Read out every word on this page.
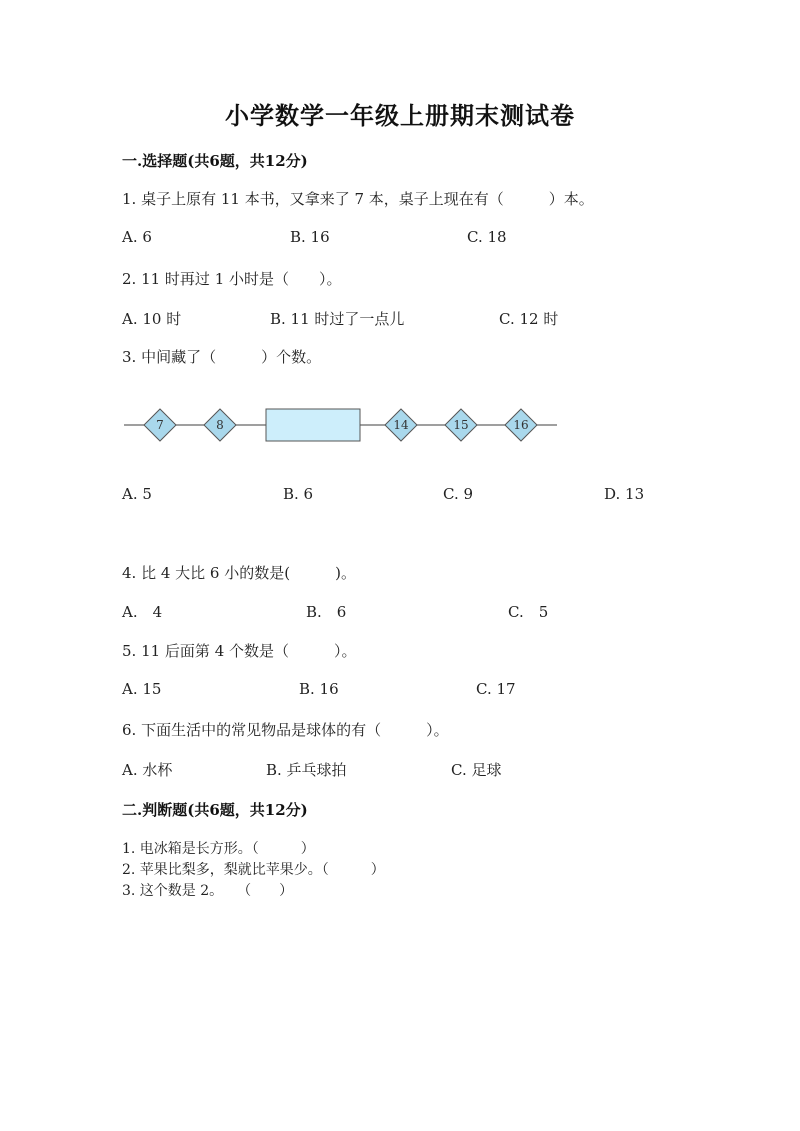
小学数学一年级上册期末测试卷
一.选择题(共6题，共12分)
1. 桌子上原有 11 本书，又拿来了 7 本，桌子上现在有（　　　）本。
A. 6	B. 16	C. 18
2. 11 时再过 1 小时是（　　）。
A. 10 时	B. 11 时过了一点儿	C. 12 时
3. 中间藏了（　　　）个数。
7	8	14	15	16
A. 5	B. 6	C. 9	D. 13
4. 比 4 大比 6 小的数是(　　　)。
A.　4	B.　6	C.　5
5. 11 后面第 4 个数是（　　　）。
A. 15	B. 16	C. 17
6. 下面生活中的常见物品是球体的有（　　　）。
A. 水杯	B. 乒乓球拍	C. 足球
二.判断题(共6题，共12分)
1. 电冰箱是长方形。（　　　）
2. 苹果比梨多，梨就比苹果少。（　　　）
3. 这个数是 2。　　（　　）
